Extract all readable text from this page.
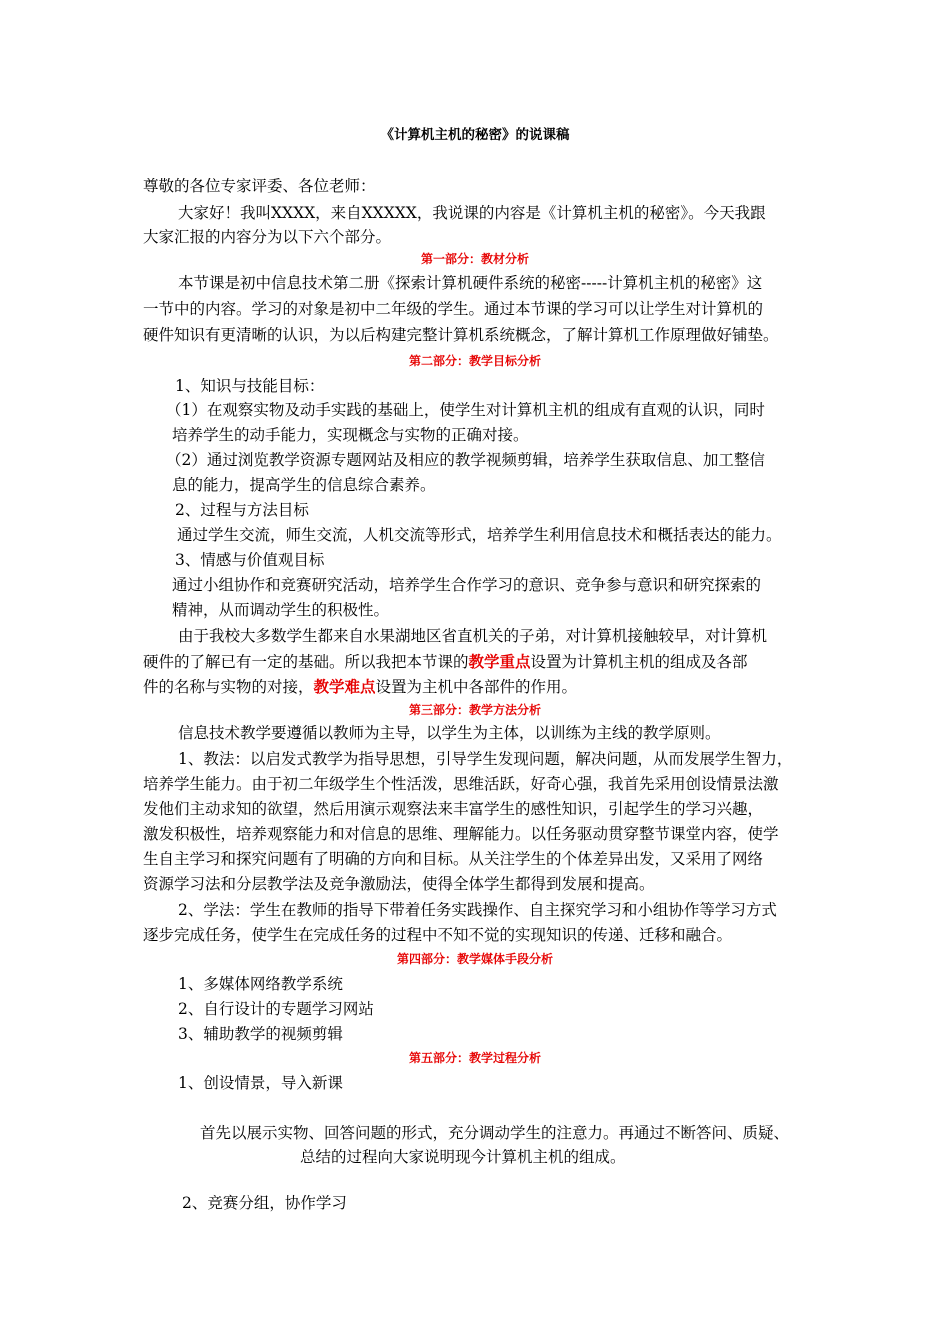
《计算机主机的秘密》的说课稿
尊敬的各位专家评委、各位老师：
大家好！我叫XXXX，来自XXXXX，我说课的内容是《计算机主机的秘密》。今天我跟
大家汇报的内容分为以下六个部分。
第一部分：教材分析
本节课是初中信息技术第二册《探索计算机硬件系统的秘密-----计算机主机的秘密》这
一节中的内容。学习的对象是初中二年级的学生。通过本节课的学习可以让学生对计算机的
硬件知识有更清晰的认识，为以后构建完整计算机系统概念，了解计算机工作原理做好铺垫。
第二部分：教学目标分析
1、知识与技能目标：
（1）在观察实物及动手实践的基础上，使学生对计算机主机的组成有直观的认识，同时
培养学生的动手能力，实现概念与实物的正确对接。
（2）通过浏览教学资源专题网站及相应的教学视频剪辑，培养学生获取信息、加工整信
息的能力，提高学生的信息综合素养。
2、过程与方法目标
通过学生交流，师生交流，人机交流等形式，培养学生利用信息技术和概括表达的能力。
3、情感与价值观目标
通过小组协作和竞赛研究活动，培养学生合作学习的意识、竞争参与意识和研究探索的
精神，从而调动学生的积极性。
由于我校大多数学生都来自水果湖地区省直机关的子弟，对计算机接触较早，对计算机
硬件的了解已有一定的基础。所以我把本节课的教学重点设置为计算机主机的组成及各部
件的名称与实物的对接，教学难点设置为主机中各部件的作用。
第三部分：教学方法分析
信息技术教学要遵循以教师为主导，以学生为主体，以训练为主线的教学原则。
1、教法：以启发式教学为指导思想，引导学生发现问题，解决问题，从而发展学生智力，
培养学生能力。由于初二年级学生个性活泼，思维活跃，好奇心强，我首先采用创设情景法激
发他们主动求知的欲望，然后用演示观察法来丰富学生的感性知识，引起学生的学习兴趣，
激发积极性，培养观察能力和对信息的思维、理解能力。以任务驱动贯穿整节课堂内容，使学
生自主学习和探究问题有了明确的方向和目标。从关注学生的个体差异出发，又采用了网络
资源学习法和分层教学法及竞争激励法，使得全体学生都得到发展和提高。
2、学法：学生在教师的指导下带着任务实践操作、自主探究学习和小组协作等学习方式
逐步完成任务，使学生在完成任务的过程中不知不觉的实现知识的传递、迁移和融合。
第四部分：教学媒体手段分析
1、多媒体网络教学系统
2、自行设计的专题学习网站
3、辅助教学的视频剪辑
第五部分：教学过程分析
1、创设情景，导入新课
首先以展示实物、回答问题的形式，充分调动学生的注意力。再通过不断答问、质疑、
总结的过程向大家说明现今计算机主机的组成。
2、竞赛分组，协作学习
